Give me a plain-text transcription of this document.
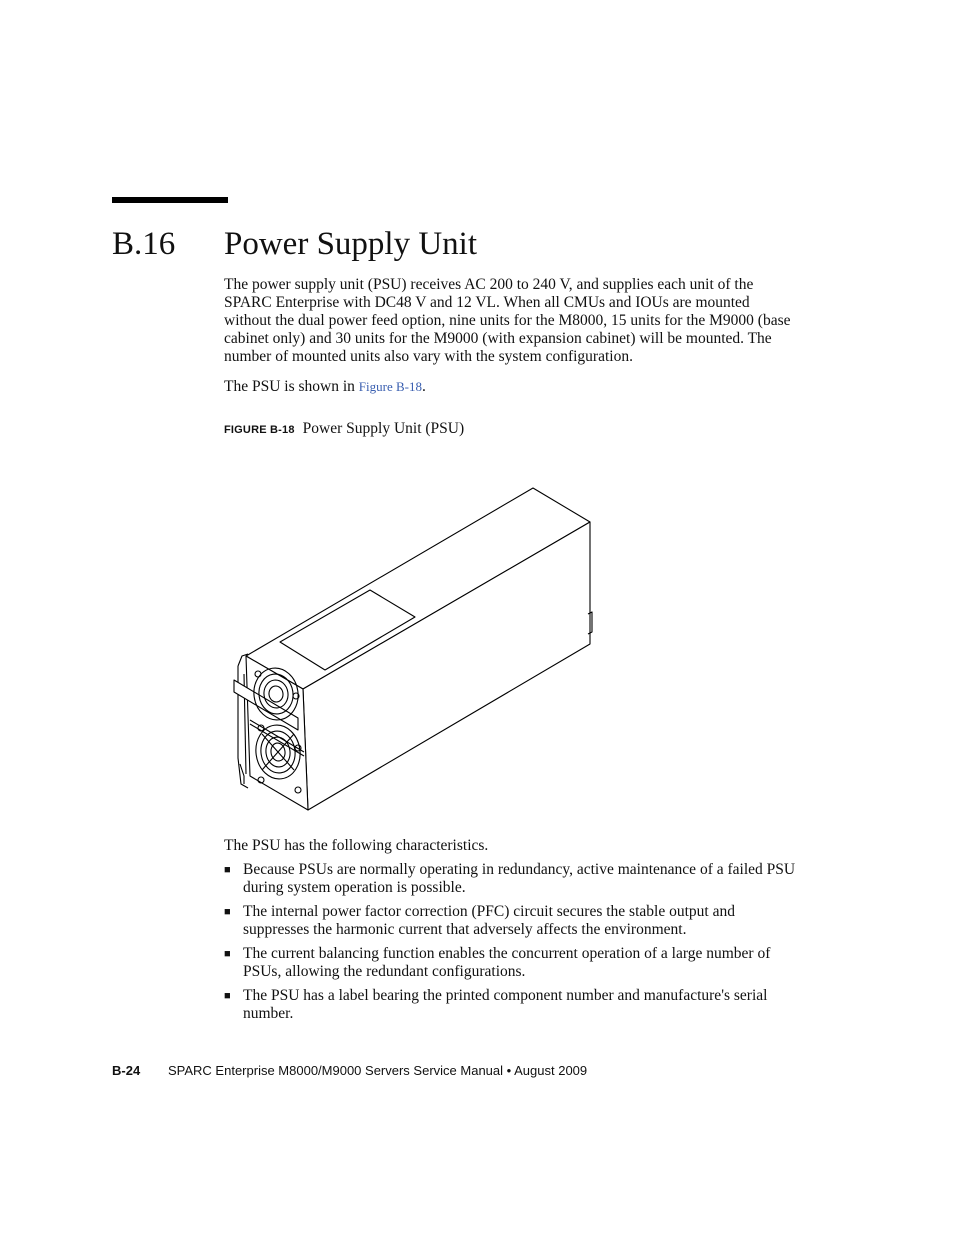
B.16 Power Supply Unit
The power supply unit (PSU) receives AC 200 to 240 V, and supplies each unit of the SPARC Enterprise with DC48 V and 12 VL. When all CMUs and IOUs are mounted without the dual power feed option, nine units for the M8000, 15 units for the M9000 (base cabinet only) and 30 units for the M9000 (with expansion cabinet) will be mounted. The number of mounted units also vary with the system configuration.
The PSU is shown in Figure B-18.
FIGURE B-18 Power Supply Unit (PSU)
The PSU has the following characteristics.
■ Because PSUs are normally operating in redundancy, active maintenance of a failed PSU during system operation is possible.
■ The internal power factor correction (PFC) circuit secures the stable output and suppresses the harmonic current that adversely affects the environment.
■ The current balancing function enables the concurrent operation of a large number of PSUs, allowing the redundant configurations.
■ The PSU has a label bearing the printed component number and manufacture's serial number.
B-24 SPARC Enterprise M8000/M9000 Servers Service Manual • August 2009
